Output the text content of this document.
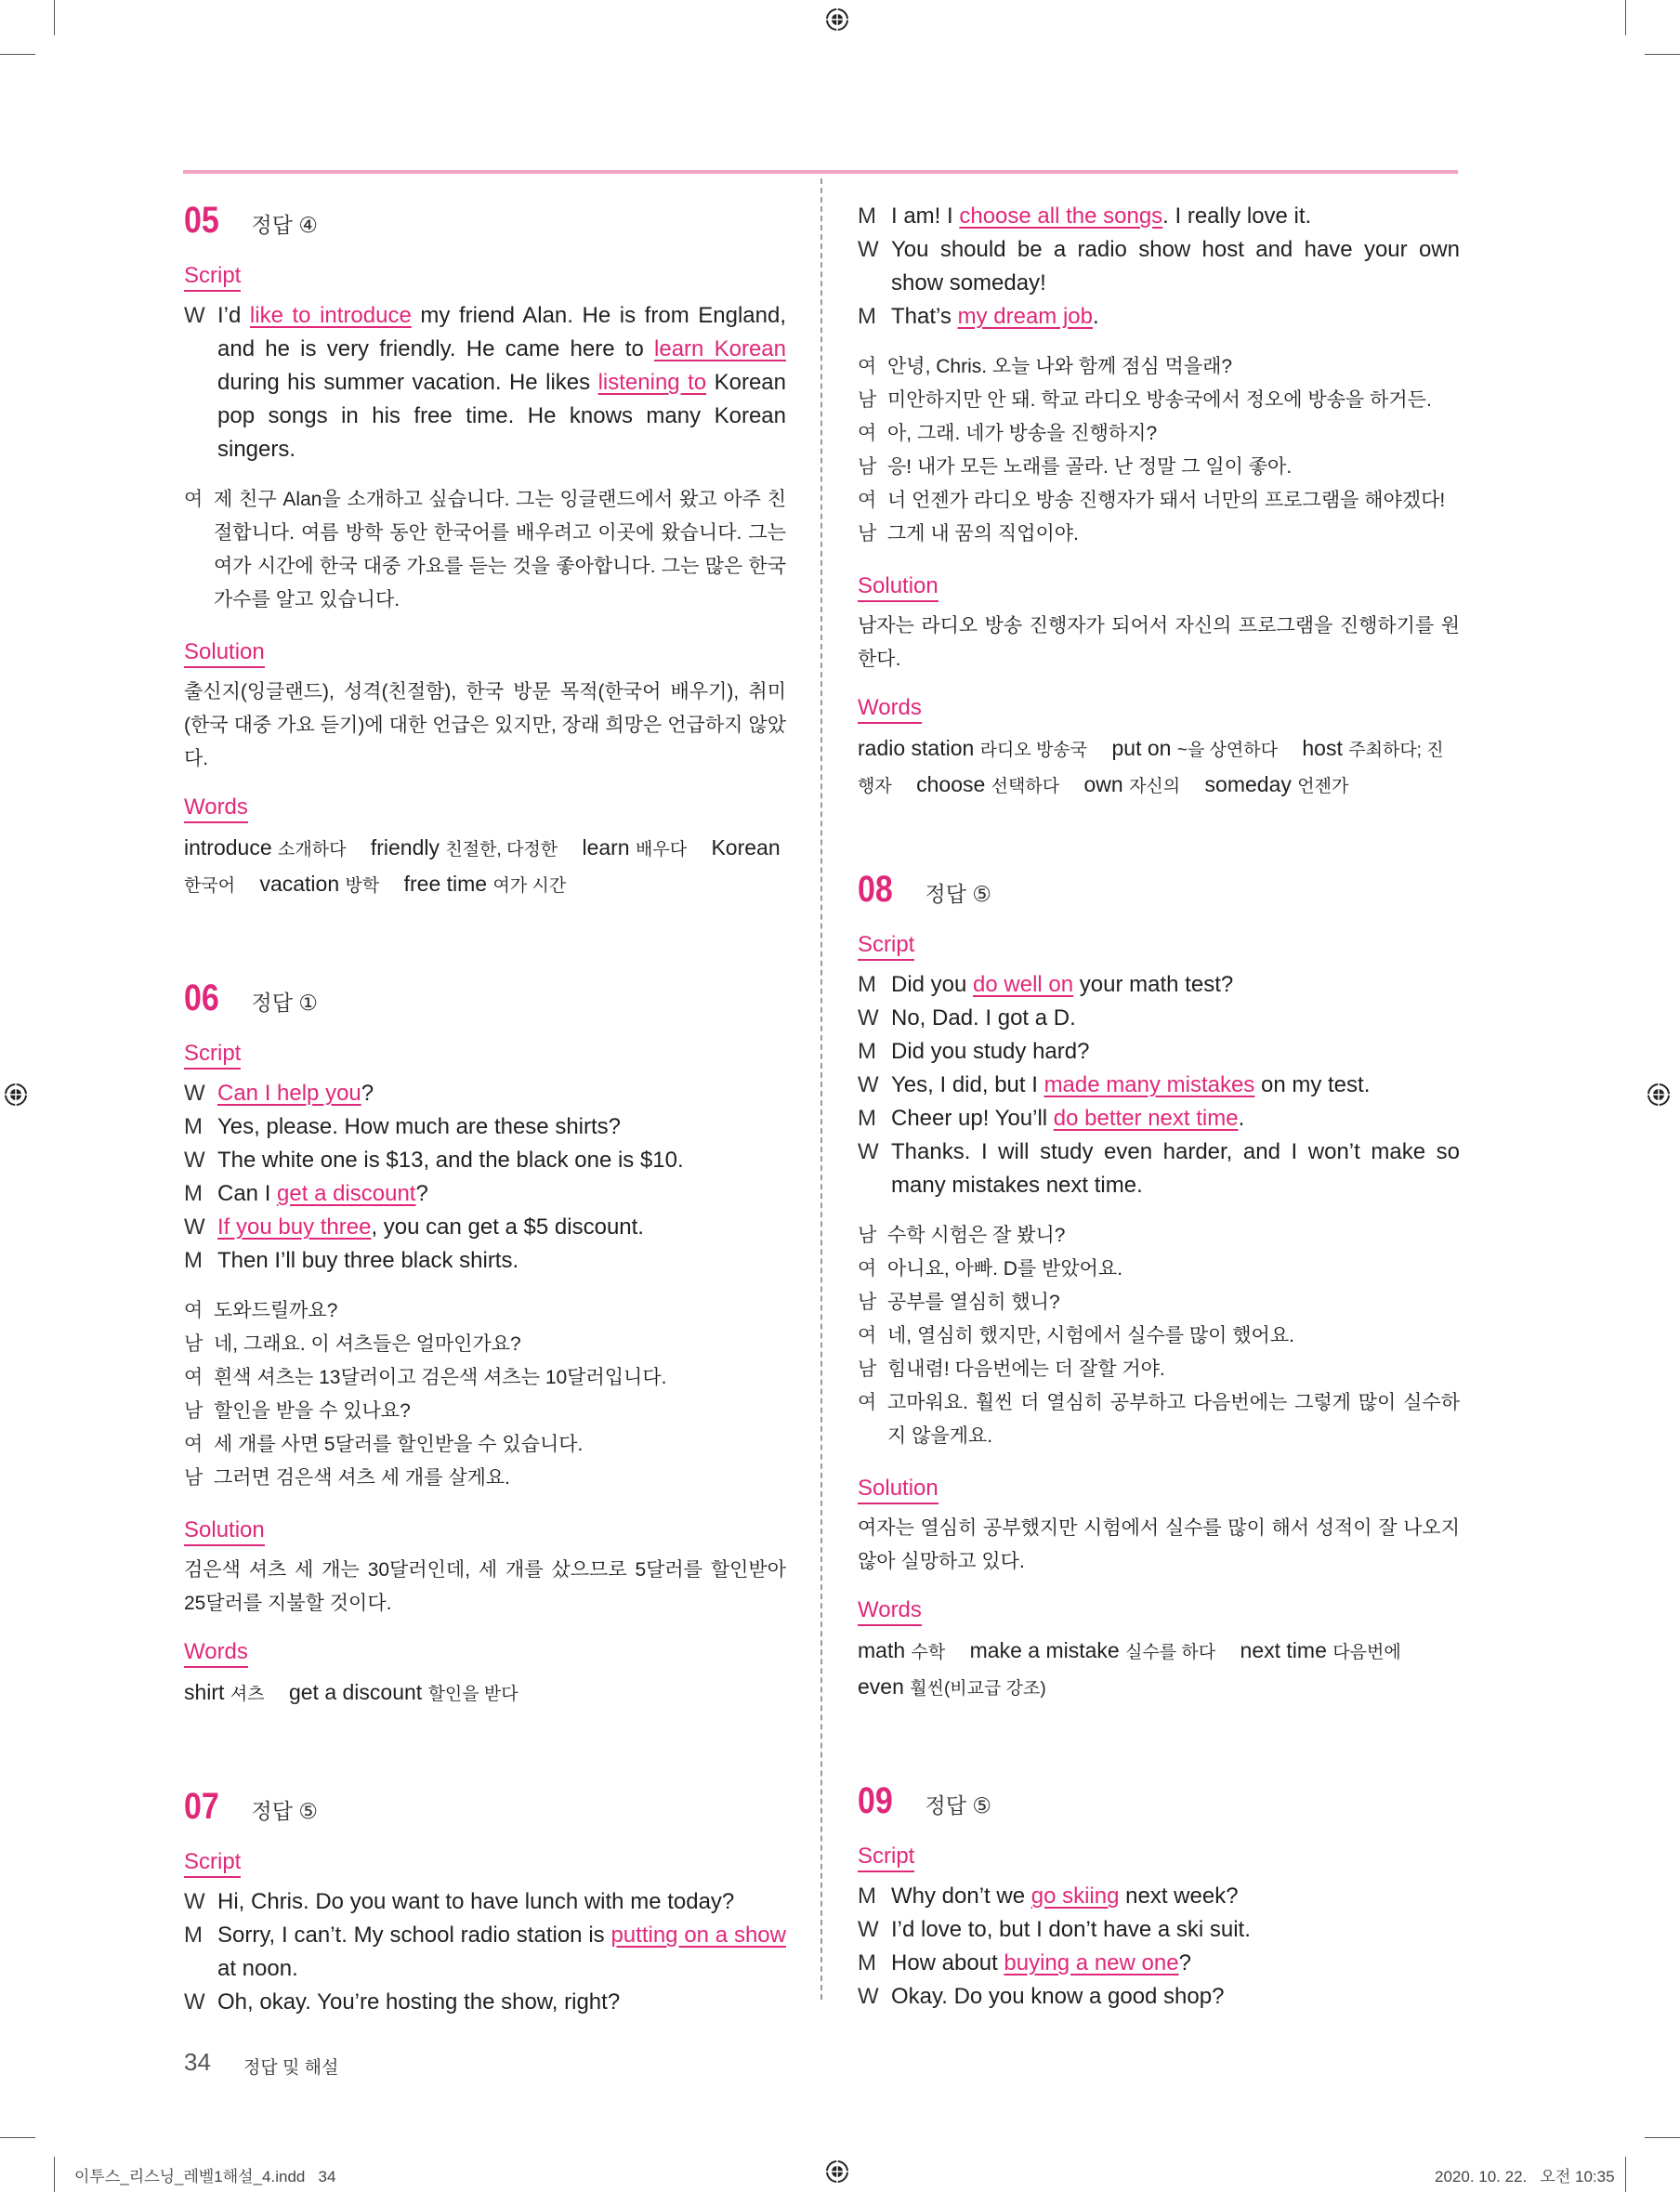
05 정답 ④
Script
W I’d like to introduce my friend Alan. He is from England, and he is very friendly. He came here to learn Korean during his summer vacation. He likes listening to Korean pop songs in his free time. He knows many Korean singers.
여 제 친구 Alan을 소개하고 싶습니다. 그는 잉글랜드에서 왔고 아주 친절합니다. 여름 방학 동안 한국어를 배우려고 이곳에 왔습니다. 그는 여가 시간에 한국 대중 가요를 듣는 것을 좋아합니다. 그는 많은 한국 가수를 알고 있습니다.
Solution
출신지(잉글랜드), 성격(친절함), 한국 방문 목적(한국어 배우기), 취미(한국 대중 가요 듣기)에 대한 언급은 있지만, 장래 희망은 언급하지 않았다.
Words
introduce 소개하다 friendly 친절한, 다정한 learn 배우다 Korean 한국어 vacation 방학 free time 여가 시간
06 정답 ①
Script
W Can I help you?
M Yes, please. How much are these shirts?
W The white one is $13, and the black one is $10.
M Can I get a discount?
W If you buy three, you can get a $5 discount.
M Then I’ll buy three black shirts.
여 도와드릴까요?
남 네, 그래요. 이 셔츠들은 얼마인가요?
여 흰색 셔츠는 13달러이고 검은색 셔츠는 10달러입니다.
남 할인을 받을 수 있나요?
여 세 개를 사면 5달러를 할인받을 수 있습니다.
남 그러면 검은색 셔츠 세 개를 살게요.
Solution
검은색 셔츠 세 개는 30달러인데, 세 개를 샀으므로 5달러를 할인받아 25달러를 지불할 것이다.
Words
shirt 셔츠 get a discount 할인을 받다
07 정답 ⑤
Script
W Hi, Chris. Do you want to have lunch with me today?
M Sorry, I can’t. My school radio station is putting on a show at noon.
W Oh, okay. You’re hosting the show, right?
M I am! I choose all the songs. I really love it.
W You should be a radio show host and have your own show someday!
M That’s my dream job.
여 안녕, Chris. 오늘 나와 함께 점심 먹을래?
남 미안하지만 안 돼. 학교 라디오 방송국에서 정오에 방송을 하거든.
여 아, 그래. 네가 방송을 진행하지?
남 응! 내가 모든 노래를 골라. 난 정말 그 일이 좋아.
여 너 언젠가 라디오 방송 진행자가 돼서 너만의 프로그램을 해야겠다!
남 그게 내 꿈의 직업이야.
Solution
남자는 라디오 방송 진행자가 되어서 자신의 프로그램을 진행하기를 원한다.
Words
radio station 라디오 방송국 put on ~을 상연하다 host 주최하다; 진행자 choose 선택하다 own 자신의 someday 언젠가
08 정답 ⑤
Script
M Did you do well on your math test?
W No, Dad. I got a D.
M Did you study hard?
W Yes, I did, but I made many mistakes on my test.
M Cheer up! You’ll do better next time.
W Thanks. I will study even harder, and I won’t make so many mistakes next time.
남 수학 시험은 잘 봤니?
여 아니요, 아빠. D를 받았어요.
남 공부를 열심히 했니?
여 네, 열심히 했지만, 시험에서 실수를 많이 했어요.
남 힘내렴! 다음번에는 더 잘할 거야.
여 고마워요. 훨씬 더 열심히 공부하고 다음번에는 그렇게 많이 실수하지 않을게요.
Solution
여자는 열심히 공부했지만 시험에서 실수를 많이 해서 성적이 잘 나오지 않아 실망하고 있다.
Words
math 수학 make a mistake 실수를 하다 next time 다음번에 even 훨씬(비교급 강조)
09 정답 ⑤
Script
M Why don’t we go skiing next week?
W I’d love to, but I don’t have a ski suit.
M How about buying a new one?
W Okay. Do you know a good shop?
34 정답 및 해설
이투스_리스닝_레벨1해설_4.indd   34	2020. 10. 22.   오전 10:35
